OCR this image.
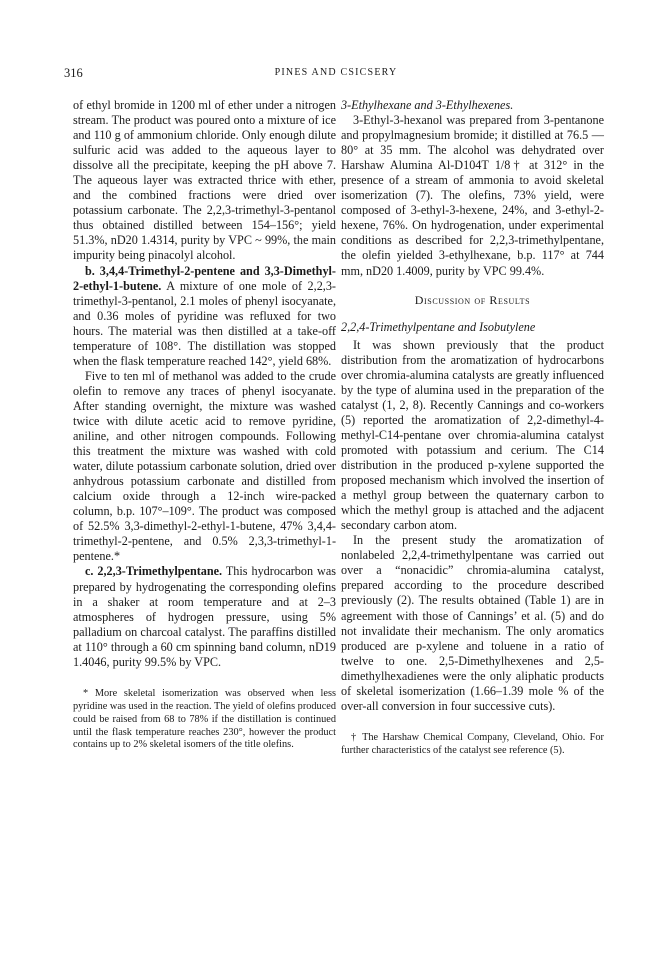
316	PINES AND CSICSERY

of ethyl bromide in 1200 ml of ether under a nitrogen stream. The product was poured onto a mixture of ice and 110 g of ammonium chloride. Only enough dilute sulfuric acid was added to the aqueous layer to dissolve all the precipitate, keeping the pH above 7. The aqueous layer was extracted thrice with ether, and the combined fractions were dried over potassium carbonate. The 2,2,3-trimethyl-3-pentanol thus obtained distilled between 154–156°; yield 51.3%, nD20 1.4314, purity by VPC ~ 99%, the main impurity being pinacolyl alcohol.

b. 3,4,4-Trimethyl-2-pentene and 3,3-Dimethyl-2-ethyl-1-butene. A mixture of one mole of 2,2,3-trimethyl-3-pentanol, 2.1 moles of phenyl isocyanate, and 0.36 moles of pyridine was refluxed for two hours. The material was then distilled at a take-off temperature of 108°. The distillation was stopped when the flask temperature reached 142°, yield 68%.

Five to ten ml of methanol was added to the crude olefin to remove any traces of phenyl isocyanate. After standing overnight, the mixture was washed twice with dilute acetic acid to remove pyridine, aniline, and other nitrogen compounds. Following this treatment the mixture was washed with cold water, dilute potassium carbonate solution, dried over anhydrous potassium carbonate and distilled from calcium oxide through a 12-inch wire-packed column, b.p. 107°–109°. The product was composed of 52.5% 3,3-dimethyl-2-ethyl-1-butene, 47% 3,4,4-trimethyl-2-pentene, and 0.5% 2,3,3-trimethyl-1-pentene.*

c. 2,2,3-Trimethylpentane. This hydrocarbon was prepared by hydrogenating the corresponding olefins in a shaker at room temperature and at 2–3 atmospheres of hydrogen pressure, using 5% palladium on charcoal catalyst. The paraffins distilled at 110° through a 60 cm spinning band column, nD19 1.4046, purity 99.5% by VPC.

* More skeletal isomerization was observed when less pyridine was used in the reaction. The yield of olefins produced could be raised from 68 to 78% if the distillation is continued until the flask temperature reaches 230°, however the product contains up to 2% skeletal isomers of the title olefins.

3-Ethylhexane and 3-Ethylhexenes.

3-Ethyl-3-hexanol was prepared from 3-pentanone and propylmagnesium bromide; it distilled at 76.5 — 80° at 35 mm. The alcohol was dehydrated over Harshaw Alumina Al-D104T 1/8† at 312° in the presence of a stream of ammonia to avoid skeletal isomerization (7). The olefins, 73% yield, were composed of 3-ethyl-3-hexene, 24%, and 3-ethyl-2-hexene, 76%. On hydrogenation, under experimental conditions as described for 2,2,3-trimethylpentane, the olefin yielded 3-ethylhexane, b.p. 117° at 744 mm, nD20 1.4009, purity by VPC 99.4%.

Discussion of Results

2,2,4-Trimethylpentane and Isobutylene

It was shown previously that the product distribution from the aromatization of hydrocarbons over chromia-alumina catalysts are greatly influenced by the type of alumina used in the preparation of the catalyst (1, 2, 8). Recently Cannings and co-workers (5) reported the aromatization of 2,2-dimethyl-4-methyl-C14-pentane over chromia-alumina catalyst promoted with potassium and cerium. The C14 distribution in the produced p-xylene supported the proposed mechanism which involved the insertion of a methyl group between the quaternary carbon to which the methyl group is attached and the adjacent secondary carbon atom.

In the present study the aromatization of nonlabeled 2,2,4-trimethylpentane was carried out over a “nonacidic” chromia-alumina catalyst, prepared according to the procedure described previously (2). The results obtained (Table 1) are in agreement with those of Cannings’ et al. (5) and do not invalidate their mechanism. The only aromatics produced are p-xylene and toluene in a ratio of twelve to one. 2,5-Dimethylhexenes and 2,5-dimethylhexadienes were the only aliphatic products of skeletal isomerization (1.66–1.39 mole % of the over-all conversion in four successive cuts).

† The Harshaw Chemical Company, Cleveland, Ohio. For further characteristics of the catalyst see reference (5).
